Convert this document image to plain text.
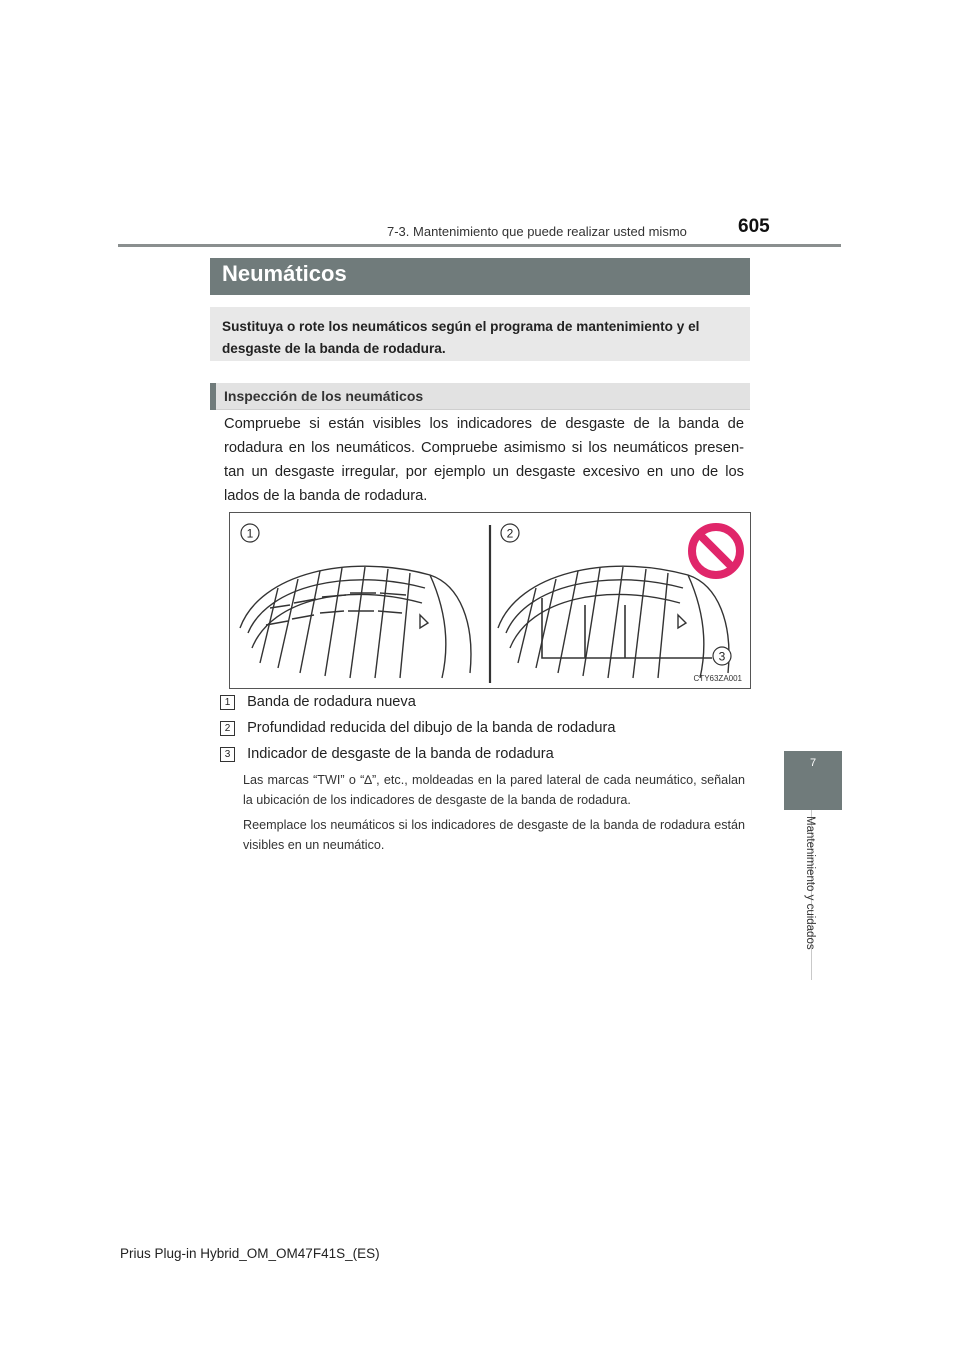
7-3. Mantenimiento que puede realizar usted mismo	605
7
Mantenimiento y cuidados
Neumáticos
Sustituya o rote los neumáticos según el programa de mantenimiento y el desgaste de la banda de rodadura.
Inspección de los neumáticos
Compruebe si están visibles los indicadores de desgaste de la banda de rodadura en los neumáticos. Compruebe asimismo si los neumáticos presen-tan un desgaste irregular, por ejemplo un desgaste excesivo en uno de los lados de la banda de rodadura.
1	2
3
CTY63ZA001
1 Banda de rodadura nueva
2 Profundidad reducida del dibujo de la banda de rodadura
3 Indicador de desgaste de la banda de rodadura
Las marcas “TWI” o “∆”, etc., moldeadas en la pared lateral de cada neumático, señalan la ubicación de los indicadores de desgaste de la banda de rodadura.
Reemplace los neumáticos si los indicadores de desgaste de la banda de rodadura están visibles en un neumático.
Prius Plug-in Hybrid_OM_OM47F41S_(ES)
